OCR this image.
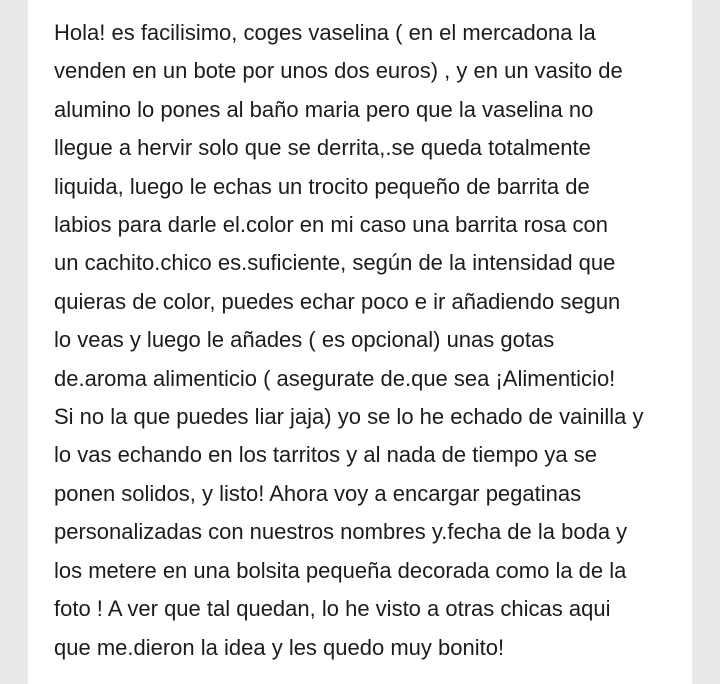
Hola! es facilisimo, coges vaselina ( en el mercadona la
venden en un bote por unos dos euros) , y en un vasito de
alumino lo pones al baño maria pero que la vaselina no
llegue a hervir solo que se derrita,.se queda totalmente
liquida, luego le echas un trocito pequeño de barrita de
labios para darle el.color en mi caso una barrita rosa con
un cachito.chico es.suficiente, según de la intensidad que
quieras de color, puedes echar poco e ir añadiendo segun
lo veas y luego le añades ( es opcional) unas gotas
de.aroma alimenticio ( asegurate de.que sea ¡Alimenticio!
Si no la que puedes liar jaja) yo se lo he echado de vainilla y
lo vas echando en los tarritos y al nada de tiempo ya se
ponen solidos, y listo! Ahora voy a encargar pegatinas
personalizadas con nuestros nombres y.fecha de la boda y
los metere en una bolsita pequeña decorada como la de la
foto ! A ver que tal quedan, lo he visto a otras chicas aqui
que me.dieron la idea y les quedo muy bonito!
